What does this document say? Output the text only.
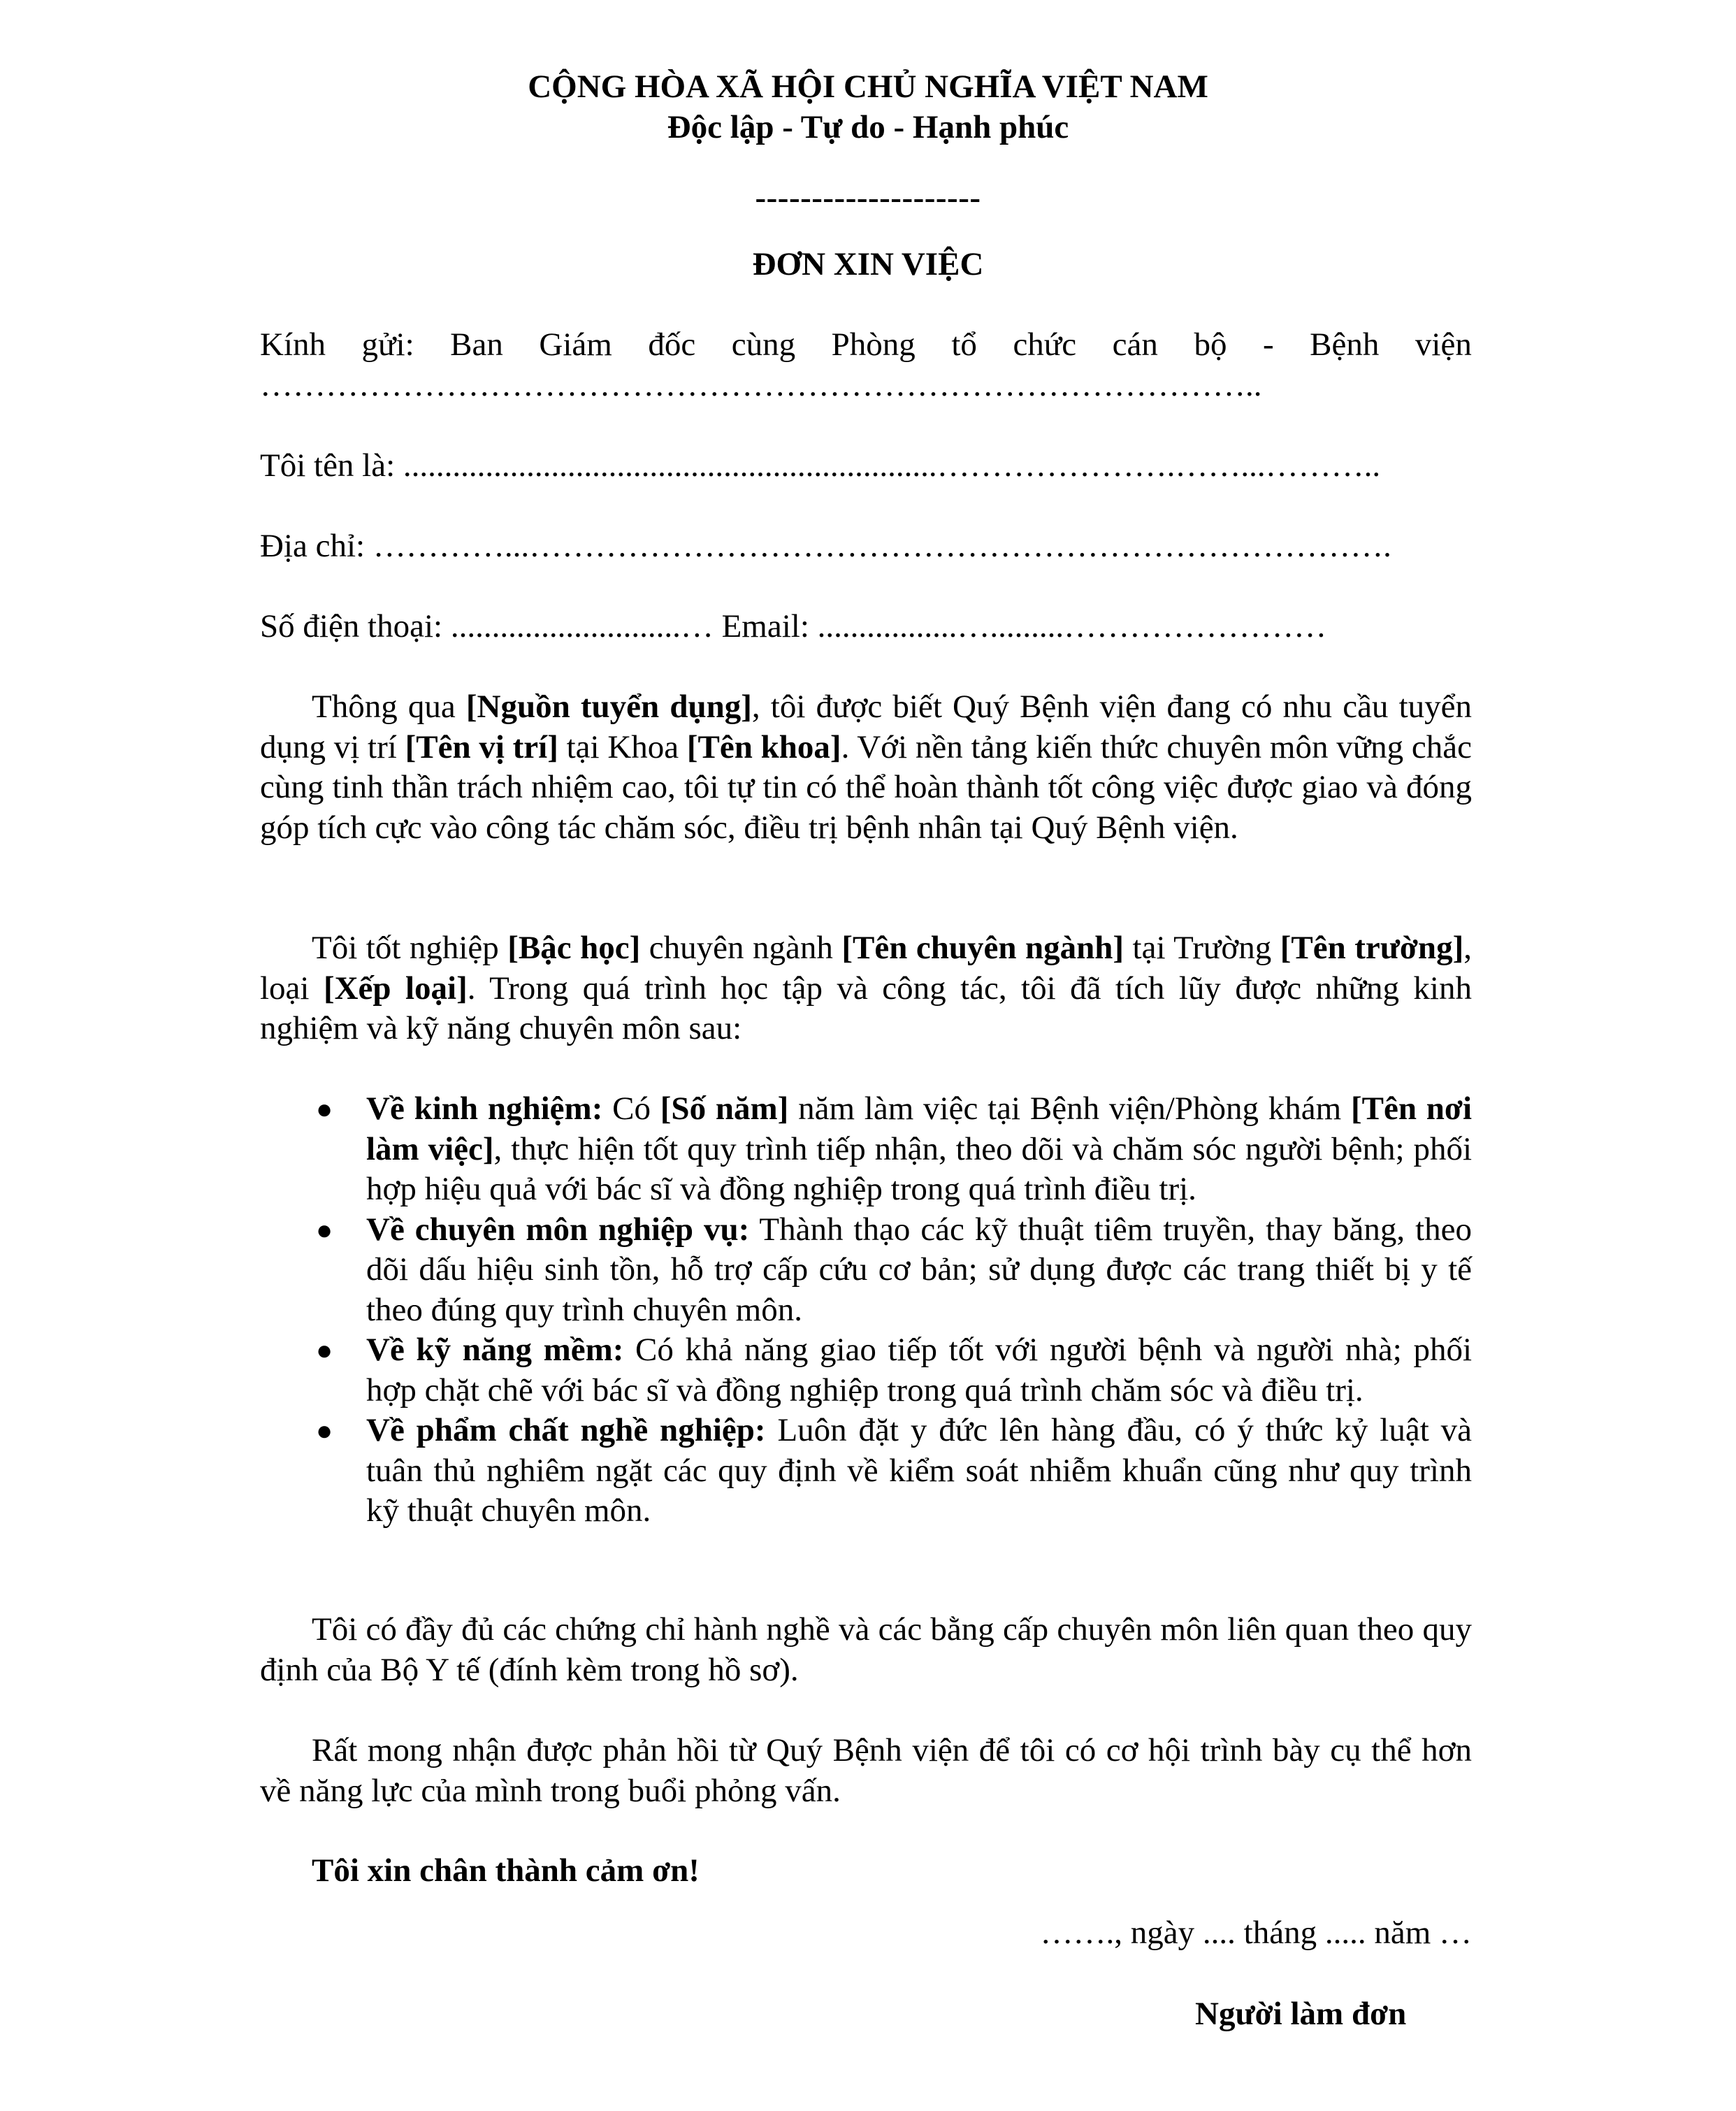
CỘNG HÒA XÃ HỘI CHỦ NGHĨA VIỆT NAM
Độc lập - Tự do - Hạnh phúc
--------------------
ĐƠN XIN VIỆC
Kính gửi: Ban Giám đốc cùng Phòng tổ chức cán bộ - Bệnh viện
………………………………………………………………………………..
Tôi tên là: .................................................................………………….……...………..
Địa chỉ: …………...…………………………………………………………………….
Số điện thoại: ............................… Email: .................….........……………………
Thông qua [Nguồn tuyển dụng], tôi được biết Quý Bệnh viện đang có nhu cầu tuyển dụng vị trí [Tên vị trí] tại Khoa [Tên khoa]. Với nền tảng kiến thức chuyên môn vững chắc cùng tinh thần trách nhiệm cao, tôi tự tin có thể hoàn thành tốt công việc được giao và đóng góp tích cực vào công tác chăm sóc, điều trị bệnh nhân tại Quý Bệnh viện.
Tôi tốt nghiệp [Bậc học] chuyên ngành [Tên chuyên ngành] tại Trường [Tên trường], loại [Xếp loại]. Trong quá trình học tập và công tác, tôi đã tích lũy được những kinh nghiệm và kỹ năng chuyên môn sau:
● Về kinh nghiệm: Có [Số năm] năm làm việc tại Bệnh viện/Phòng khám [Tên nơi làm việc], thực hiện tốt quy trình tiếp nhận, theo dõi và chăm sóc người bệnh; phối hợp hiệu quả với bác sĩ và đồng nghiệp trong quá trình điều trị.
● Về chuyên môn nghiệp vụ: Thành thạo các kỹ thuật tiêm truyền, thay băng, theo dõi dấu hiệu sinh tồn, hỗ trợ cấp cứu cơ bản; sử dụng được các trang thiết bị y tế theo đúng quy trình chuyên môn.
● Về kỹ năng mềm: Có khả năng giao tiếp tốt với người bệnh và người nhà; phối hợp chặt chẽ với bác sĩ và đồng nghiệp trong quá trình chăm sóc và điều trị.
● Về phẩm chất nghề nghiệp: Luôn đặt y đức lên hàng đầu, có ý thức kỷ luật và tuân thủ nghiêm ngặt các quy định về kiểm soát nhiễm khuẩn cũng như quy trình kỹ thuật chuyên môn.
Tôi có đầy đủ các chứng chỉ hành nghề và các bằng cấp chuyên môn liên quan theo quy định của Bộ Y tế (đính kèm trong hồ sơ).
Rất mong nhận được phản hồi từ Quý Bệnh viện để tôi có cơ hội trình bày cụ thể hơn về năng lực của mình trong buổi phỏng vấn.
Tôi xin chân thành cảm ơn!
……., ngày .... tháng ..... năm …
Người làm đơn
